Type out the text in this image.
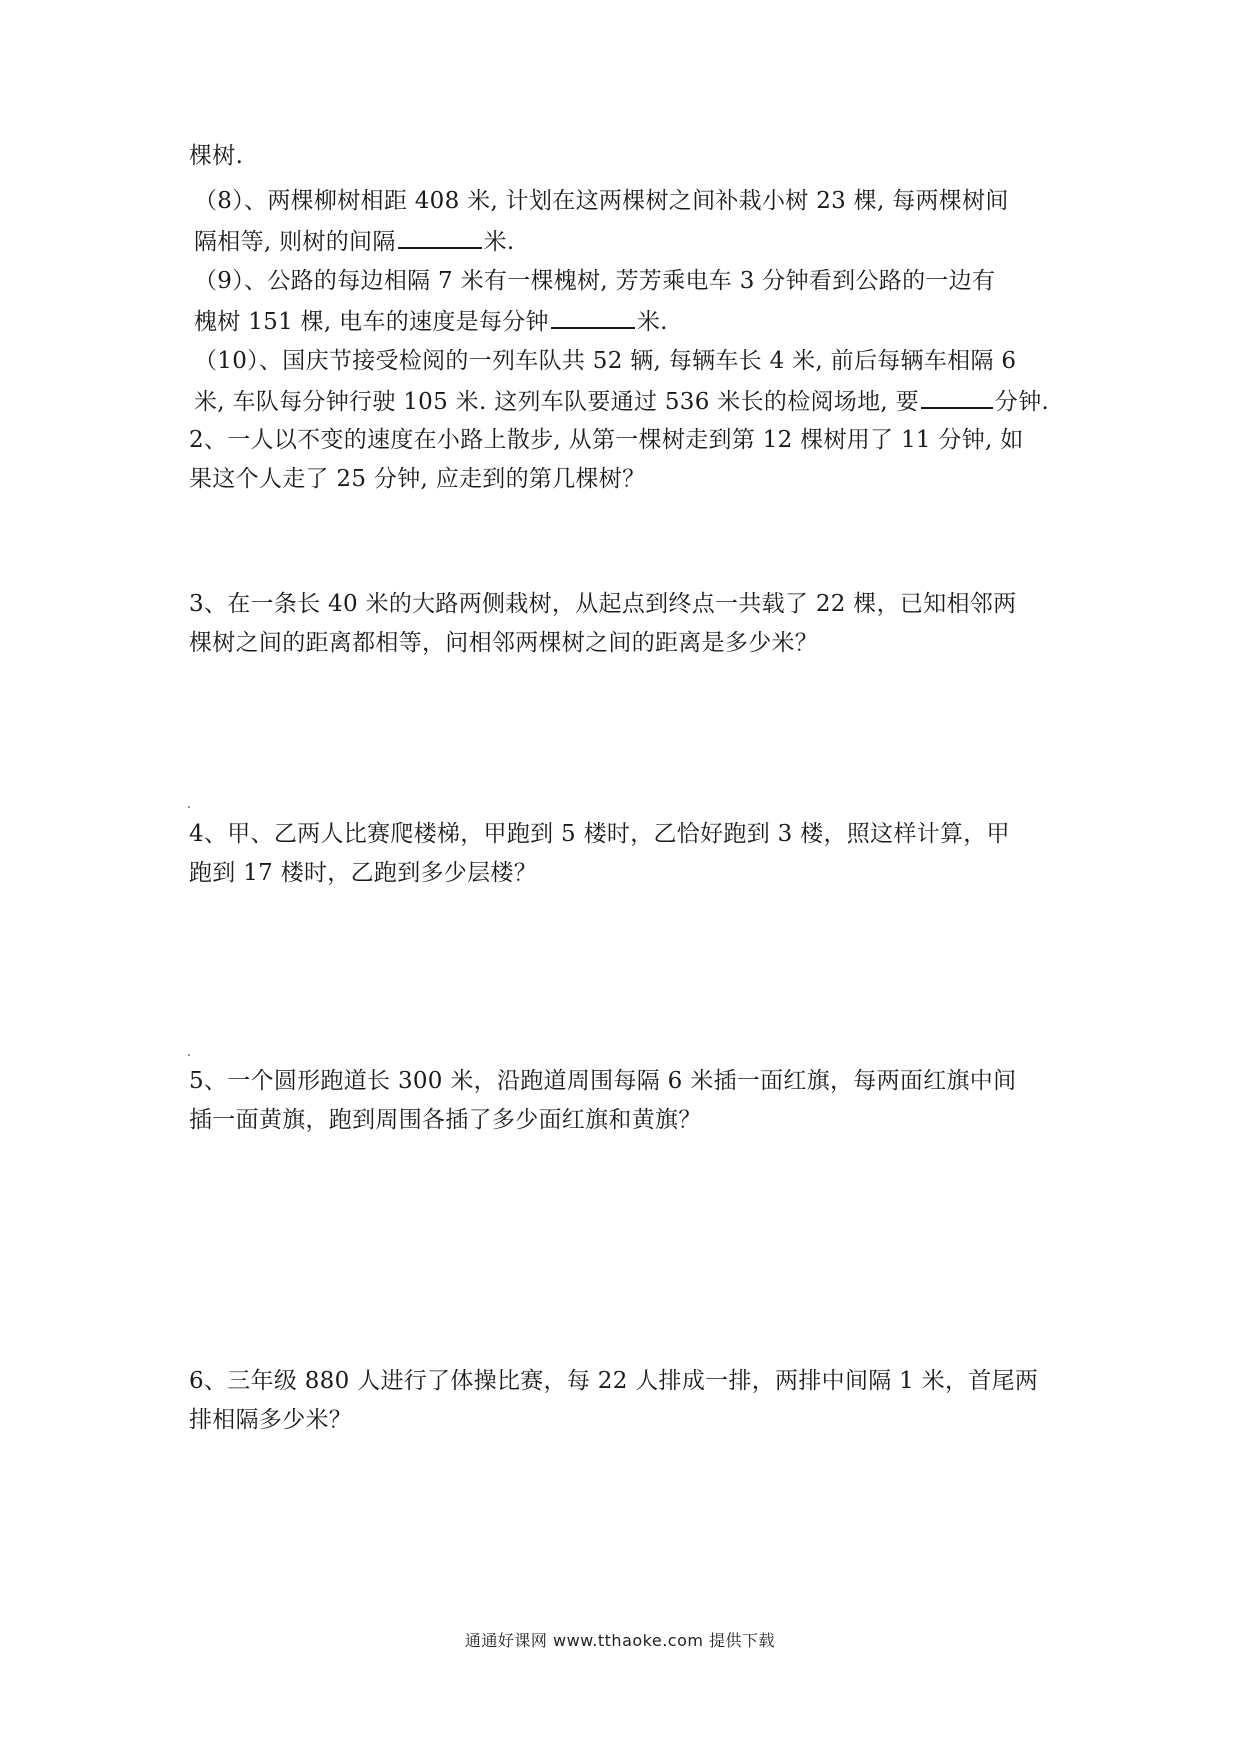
棵树.

（8）、两棵柳树相距 408 米, 计划在这两棵树之间补栽小树 23 棵, 每两棵树间
隔相等, 则树的间隔	米.

（9）、公路的每边相隔 7 米有一棵槐树, 芳芳乘电车 3 分钟看到公路的一边有
槐树 151 棵, 电车的速度是每分钟	米.

（10）、国庆节接受检阅的一列车队共 52 辆, 每辆车长 4 米, 前后每辆车相隔 6
米, 车队每分钟行驶 105 米. 这列车队要通过 536 米长的检阅场地, 要	分钟.

2、一人以不变的速度在小路上散步, 从第一棵树走到第 12 棵树用了 11 分钟, 如
果这个人走了 25 分钟, 应走到的第几棵树？

3、在一条长 40 米的大路两侧栽树，从起点到终点一共载了 22 棵，已知相邻两
棵树之间的距离都相等，问相邻两棵树之间的距离是多少米？

4、甲、乙两人比赛爬楼梯，甲跑到 5 楼时，乙恰好跑到 3 楼，照这样计算，甲
跑到 17 楼时，乙跑到多少层楼？

5、一个圆形跑道长 300 米，沿跑道周围每隔 6 米插一面红旗，每两面红旗中间
插一面黄旗，跑到周围各插了多少面红旗和黄旗？

6、三年级 880 人进行了体操比赛，每 22 人排成一排，两排中间隔 1 米，首尾两
排相隔多少米？

通通好课网 www.tthaoke.com 提供下载
